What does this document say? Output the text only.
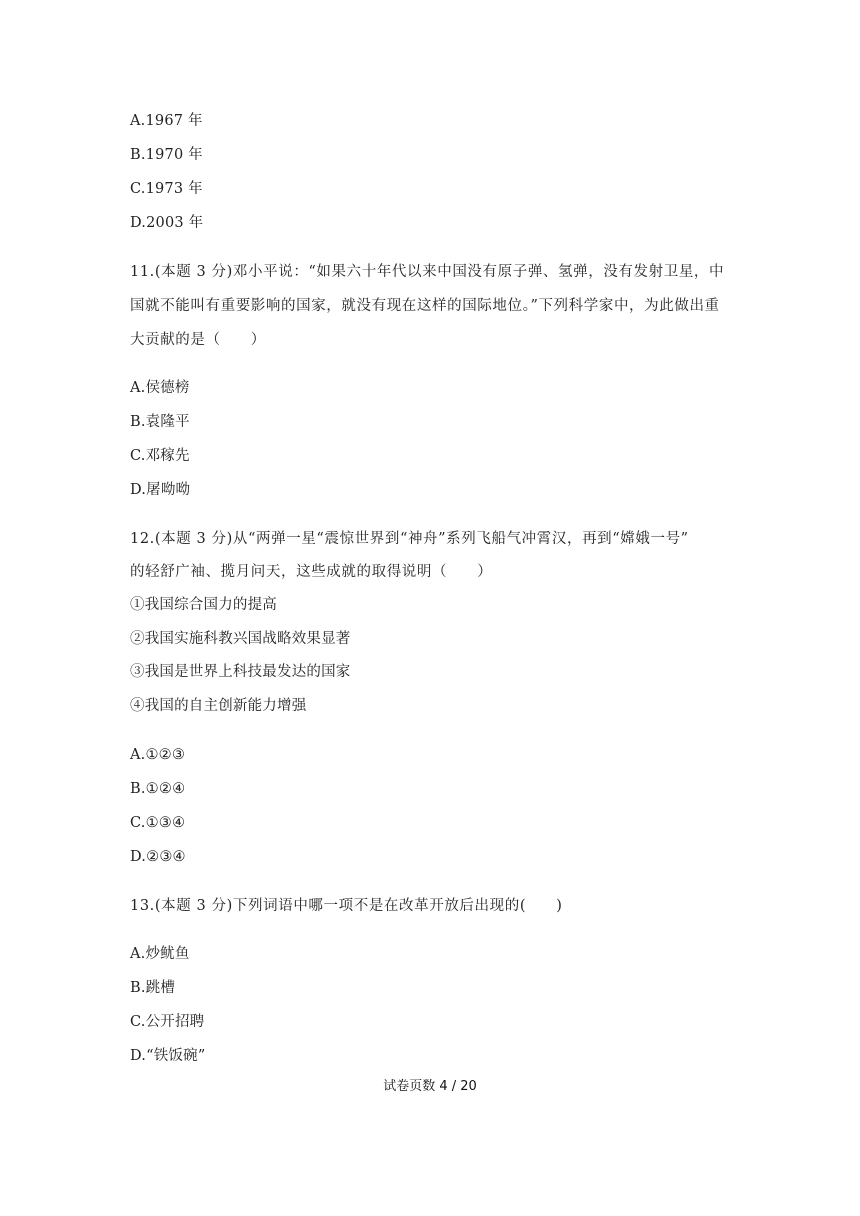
A.1967 年
B.1970 年
C.1973 年
D.2003 年
11.(本题 3 分)邓小平说：“如果六十年代以来中国没有原子弹、氢弹，没有发射卫星，中
国就不能叫有重要影响的国家，就没有现在这样的国际地位。”下列科学家中，为此做出重
大贡献的是（　　）
A.侯德榜
B.袁隆平
C.邓稼先
D.屠呦呦
12.(本题 3 分)从“两弹一星“震惊世界到“神舟”系列飞船气冲霄汉，再到“嫦娥一号”
的轻舒广袖、揽月问天，这些成就的取得说明（　　）
①我国综合国力的提高
②我国实施科教兴国战略效果显著
③我国是世界上科技最发达的国家
④我国的自主创新能力增强
A.①②③
B.①②④
C.①③④
D.②③④
13.(本题 3 分)下列词语中哪一项不是在改革开放后出现的(　　)
A.炒鱿鱼
B.跳槽
C.公开招聘
D.“铁饭碗”
试卷页数 4 / 20
